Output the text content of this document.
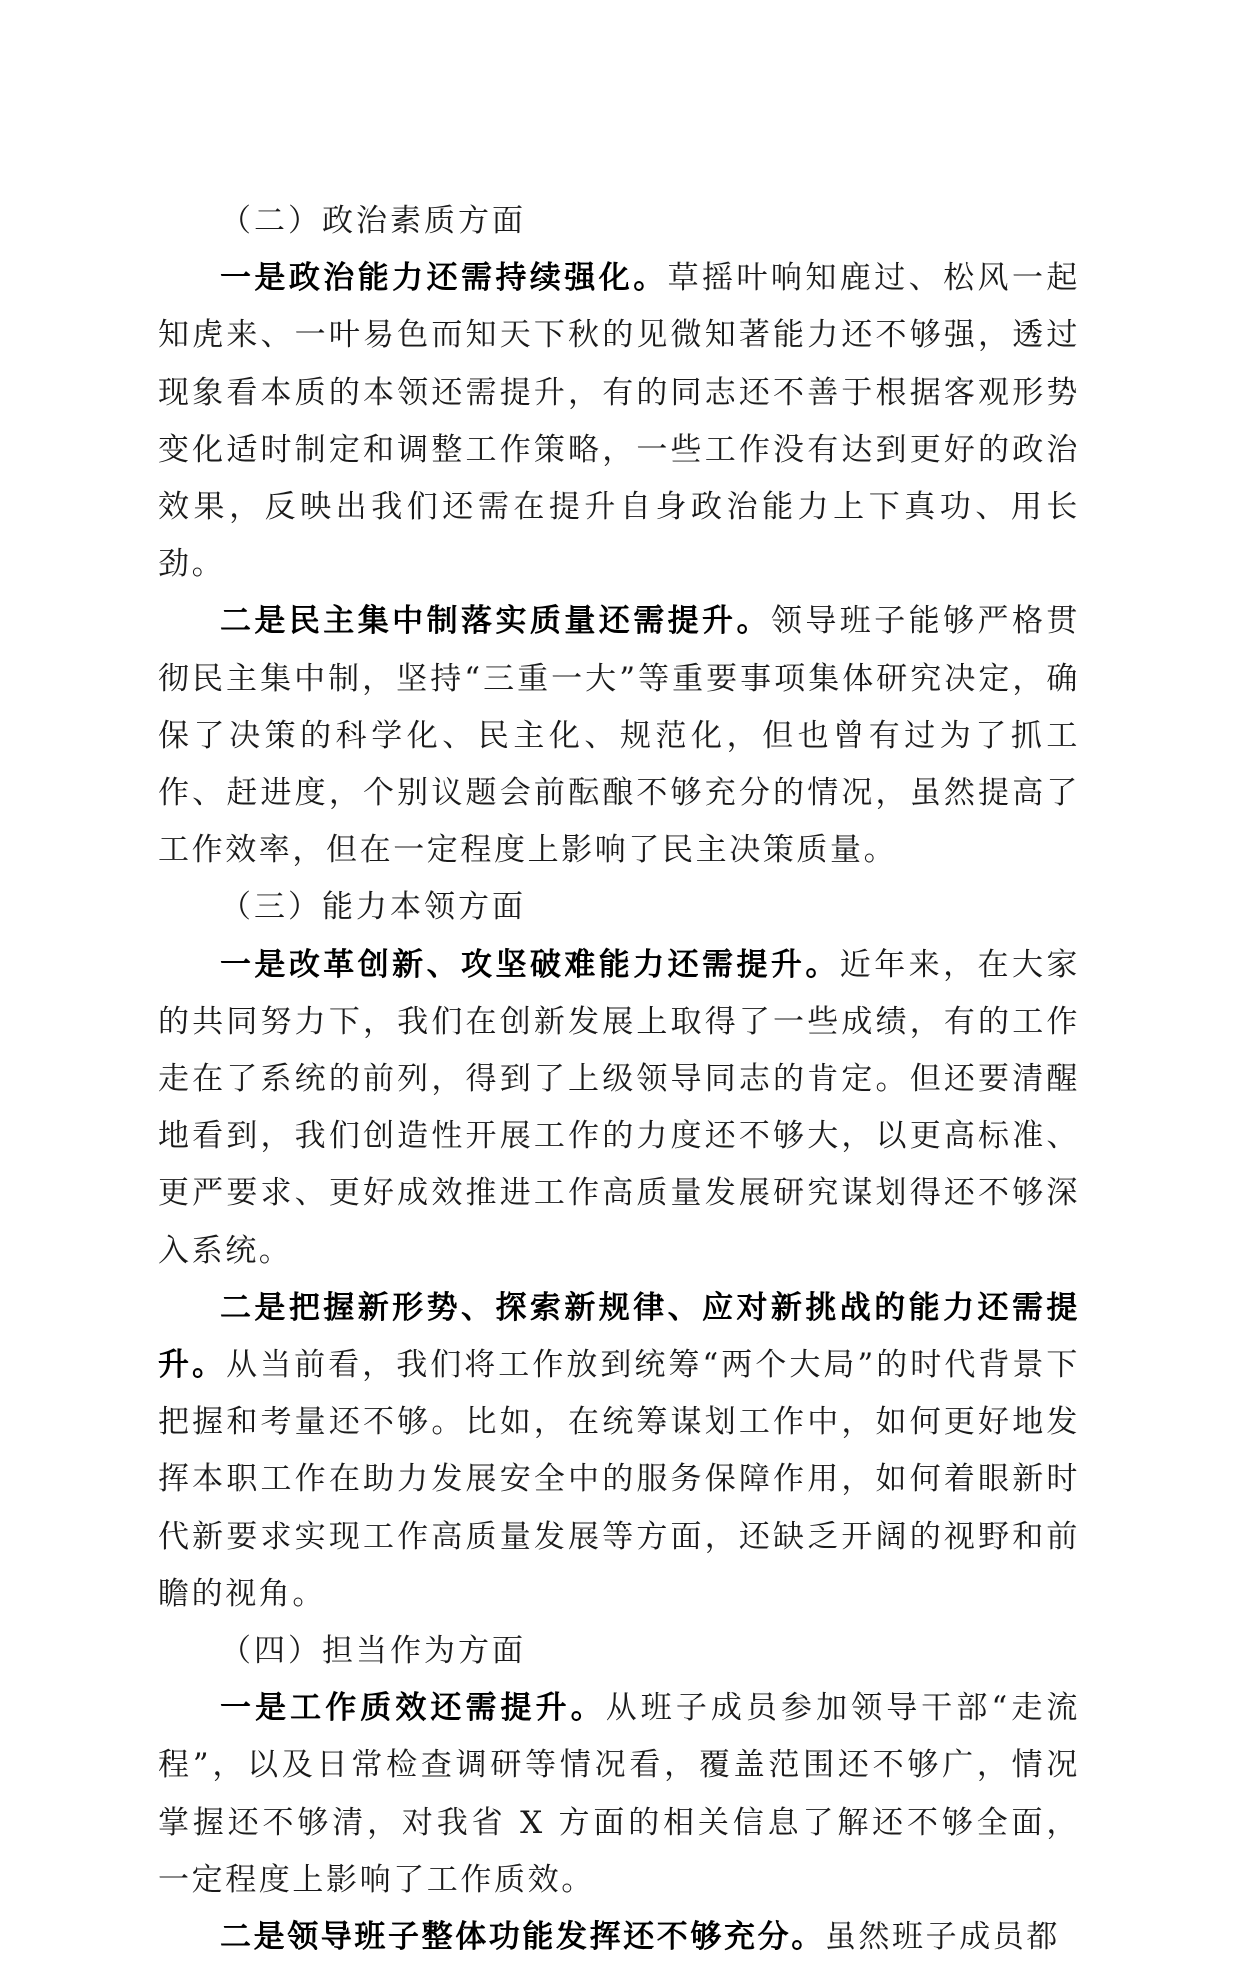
（二）政治素质方面

一是政治能力还需持续强化。草摇叶响知鹿过、松风一起知虎来、一叶易色而知天下秋的见微知著能力还不够强，透过现象看本质的本领还需提升，有的同志还不善于根据客观形势变化适时制定和调整工作策略，一些工作没有达到更好的政治效果，反映出我们还需在提升自身政治能力上下真功、用长劲。

二是民主集中制落实质量还需提升。领导班子能够严格贯彻民主集中制，坚持“三重一大”等重要事项集体研究决定，确保了决策的科学化、民主化、规范化，但也曾有过为了抓工作、赶进度，个别议题会前酝酿不够充分的情况，虽然提高了工作效率，但在一定程度上影响了民主决策质量。

（三）能力本领方面

一是改革创新、攻坚破难能力还需提升。近年来，在大家的共同努力下，我们在创新发展上取得了一些成绩，有的工作走在了系统的前列，得到了上级领导同志的肯定。但还要清醒地看到，我们创造性开展工作的力度还不够大，以更高标准、更严要求、更好成效推进工作高质量发展研究谋划得还不够深入系统。

二是把握新形势、探索新规律、应对新挑战的能力还需提升。从当前看，我们将工作放到统筹“两个大局”的时代背景下把握和考量还不够。比如，在统筹谋划工作中，如何更好地发挥本职工作在助力发展安全中的服务保障作用，如何着眼新时代新要求实现工作高质量发展等方面，还缺乏开阔的视野和前瞻的视角。

（四）担当作为方面

一是工作质效还需提升。从班子成员参加领导干部“走流程”，以及日常检查调研等情况看，覆盖范围还不够广，情况掌握还不够清，对我省 X 方面的相关信息了解还不够全面，一定程度上影响了工作质效。

二是领导班子整体功能发挥还不够充分。虽然班子成员都
